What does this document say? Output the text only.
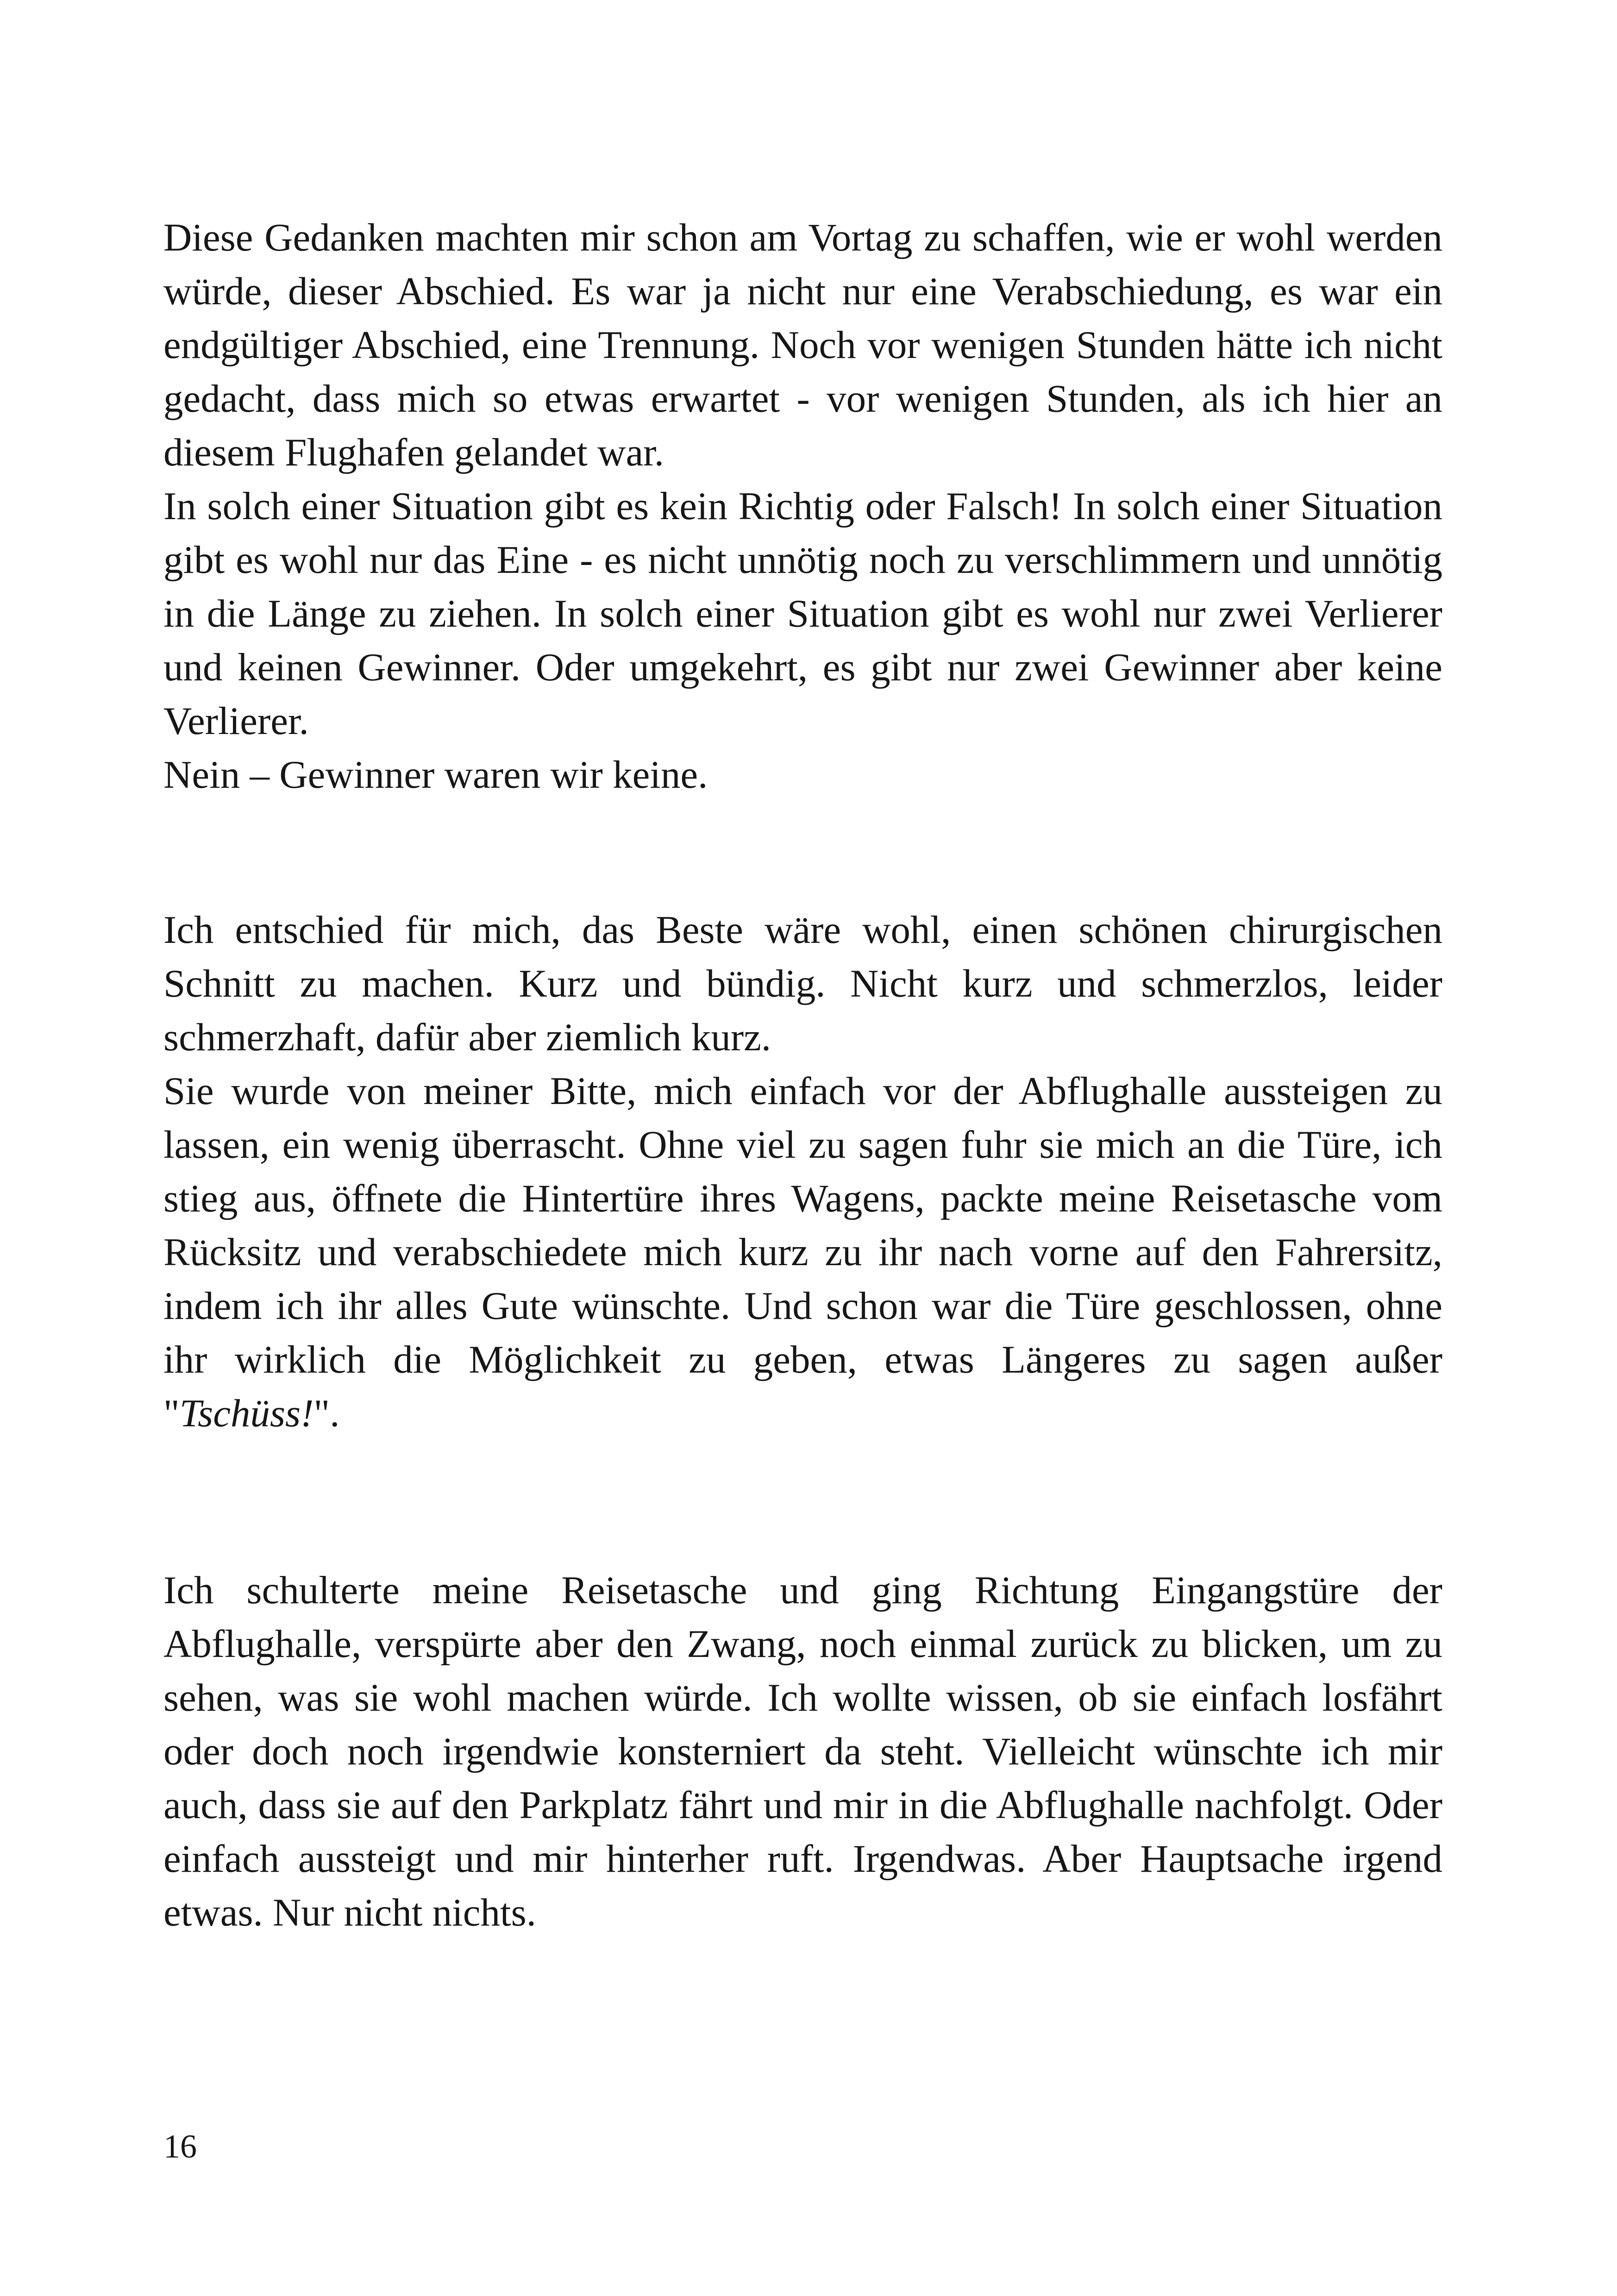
Diese Gedanken machten mir schon am Vortag zu schaffen, wie er wohl werden würde, dieser Abschied. Es war ja nicht nur eine Verabschiedung, es war ein endgültiger Abschied, eine Trennung. Noch vor wenigen Stunden hätte ich nicht gedacht, dass mich so etwas erwartet - vor wenigen Stunden, als ich hier an diesem Flughafen gelandet war.
In solch einer Situation gibt es kein Richtig oder Falsch! In solch einer Situation gibt es wohl nur das Eine - es nicht unnötig noch zu verschlimmern und unnötig in die Länge zu ziehen. In solch einer Situation gibt es wohl nur zwei Verlierer und keinen Gewinner. Oder umgekehrt, es gibt nur zwei Gewinner aber keine Verlierer.
Nein – Gewinner waren wir keine.
Ich entschied für mich, das Beste wäre wohl, einen schönen chirurgischen Schnitt zu machen. Kurz und bündig. Nicht kurz und schmerzlos, leider schmerzhaft, dafür aber ziemlich kurz.
Sie wurde von meiner Bitte, mich einfach vor der Abflughalle aussteigen zu lassen, ein wenig überrascht. Ohne viel zu sagen fuhr sie mich an die Türe, ich stieg aus, öffnete die Hintertüre ihres Wagens, packte meine Reisetasche vom Rücksitz und verabschiedete mich kurz zu ihr nach vorne auf den Fahrersitz, indem ich ihr alles Gute wünschte. Und schon war die Türe geschlossen, ohne ihr wirklich die Möglichkeit zu geben, etwas Längeres zu sagen außer "Tschüss!".
Ich schulterte meine Reisetasche und ging Richtung Eingangstüre der Abflughalle, verspürte aber den Zwang, noch einmal zurück zu blicken, um zu sehen, was sie wohl machen würde. Ich wollte wissen, ob sie einfach losfährt oder doch noch irgendwie konsterniert da steht. Vielleicht wünschte ich mir auch, dass sie auf den Parkplatz fährt und mir in die Abflughalle nachfolgt. Oder einfach aussteigt und mir hinterher ruft. Irgendwas. Aber Hauptsache irgend etwas. Nur nicht nichts.
16
